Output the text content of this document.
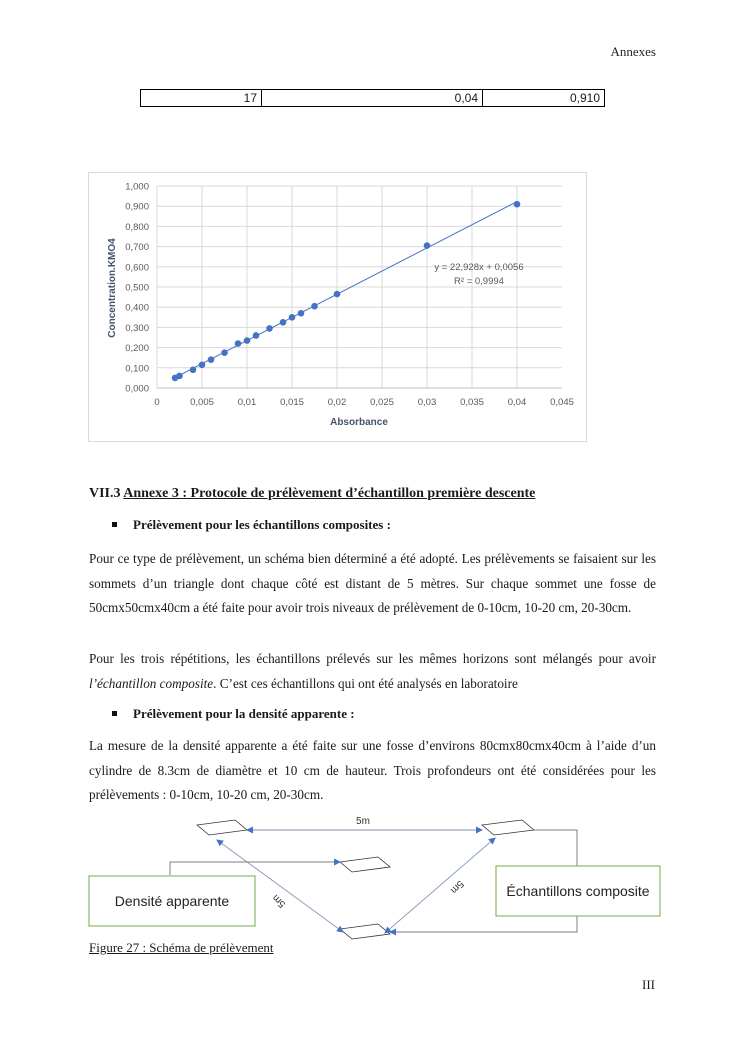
Annexes
17	0,04	0,910
0,000
0,100
0,200
0,300
0,400
0,500
0,600
0,700
0,800
0,900
1,000
0	0,005	0,01	0,015	0,02	0,025	0,03	0,035	0,04	0,045
y = 22,928x + 0,0056
R² = 0,9994
Absorbance
Concentration.KMO4
VII.3 Annexe 3 : Protocole de prélèvement d’échantillon première descente
Prélèvement pour les échantillons composites :
Pour ce type de prélèvement, un schéma bien déterminé a été adopté. Les prélèvements se faisaient sur les sommets d’un triangle dont chaque côté est distant de 5 mètres. Sur chaque sommet une fosse de 50cmx50cmx40cm a été faite pour avoir trois niveaux de prélèvement de 0-10cm, 10-20 cm, 20-30cm.
Pour les trois répétitions, les échantillons prélevés sur les mêmes horizons sont mélangés pour avoir l’échantillon composite. C’est ces échantillons qui ont été analysés en laboratoire
Prélèvement pour la densité apparente :
La mesure de la densité apparente a été faite sur une fosse d’environs 80cmx80cmx40cm à l’aide d’un cylindre de 8.3cm de diamètre et 10 cm de hauteur. Trois profondeurs ont été considérées pour les prélèvements : 0-10cm, 10-20 cm, 20-30cm.
5m
5m
5m
Densité apparente
Échantillons composite
Figure 27 : Schéma de prélèvement
III
